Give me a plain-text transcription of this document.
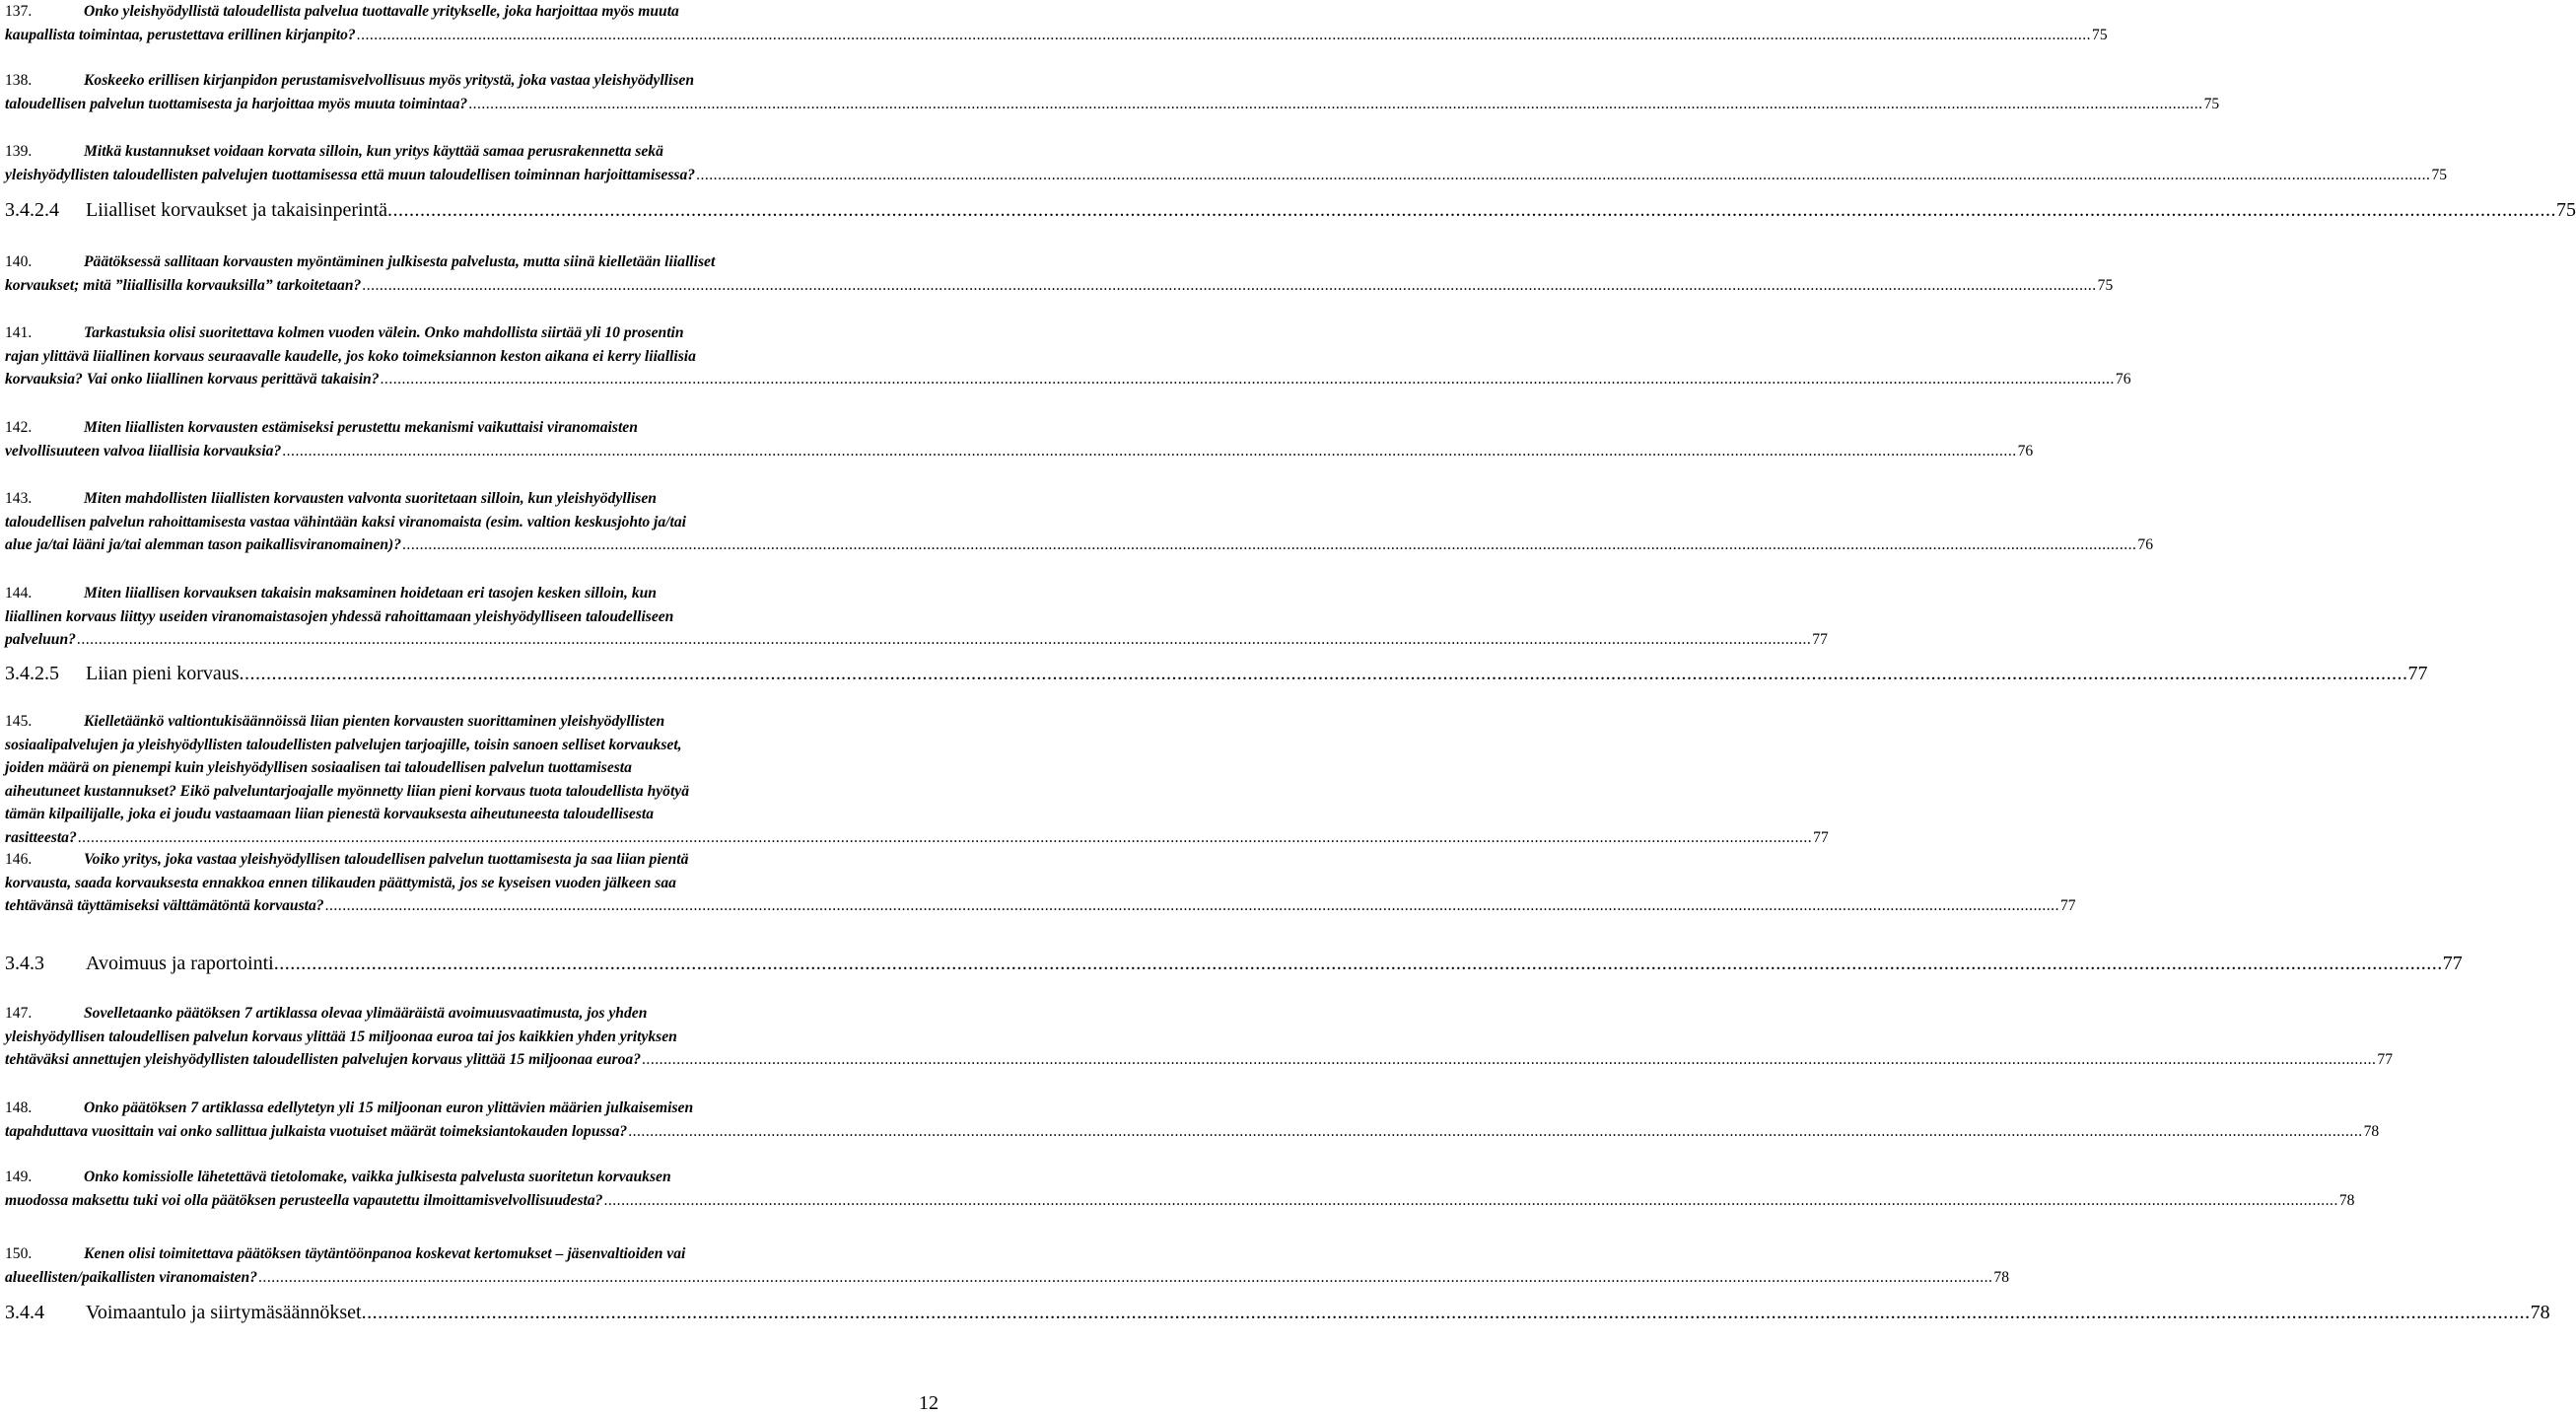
137.	Onko yleishyödyllistä taloudellista palvelua tuottavalle yritykselle, joka harjoittaa myös muuta
kaupallista toimintaa, perustettava erillinen kirjanpito? ................................................................................................................................................................................................................................................................................................................................................................................................................ 75
138.	Koskeeko erillisen kirjanpidon perustamisvelvollisuus myös yritystä, joka vastaa yleishyödyllisen
taloudellisen palvelun tuottamisesta ja harjoittaa myös muuta toimintaa? ................................................................................................................................................................................................................................................................................................................................................................................................................ 75
139.	Mitkä kustannukset voidaan korvata silloin, kun yritys käyttää samaa perusrakennetta sekä
yleishyödyllisten taloudellisten palvelujen tuottamisessa että muun taloudellisen toiminnan harjoittamisessa? ................................................................................................................................................................................................................................................................................................................................................................................................................ 75
3.4.2.4	Liialliset korvaukset ja takaisinperintä ................................................................................................................................................................................................................................................................................................................................................................................................................ 75
140.	Päätöksessä sallitaan korvausten myöntäminen julkisesta palvelusta, mutta siinä kielletään liialliset
korvaukset; mitä ”liiallisilla korvauksilla” tarkoitetaan? ................................................................................................................................................................................................................................................................................................................................................................................................................ 75
141.	Tarkastuksia olisi suoritettava kolmen vuoden välein. Onko mahdollista siirtää yli 10 prosentin
rajan ylittävä liiallinen korvaus seuraavalle kaudelle, jos koko toimeksiannon keston aikana ei kerry liiallisia
korvauksia? Vai onko liiallinen korvaus perittävä takaisin? ................................................................................................................................................................................................................................................................................................................................................................................................................ 76
142.	Miten liiallisten korvausten estämiseksi perustettu mekanismi vaikuttaisi viranomaisten
velvollisuuteen valvoa liiallisia korvauksia? ................................................................................................................................................................................................................................................................................................................................................................................................................ 76
143.	Miten mahdollisten liiallisten korvausten valvonta suoritetaan silloin, kun yleishyödyllisen
taloudellisen palvelun rahoittamisesta vastaa vähintään kaksi viranomaista (esim. valtion keskusjohto ja/tai
alue ja/tai lääni ja/tai alemman tason paikallisviranomainen)? ................................................................................................................................................................................................................................................................................................................................................................................................................ 76
144.	Miten liiallisen korvauksen takaisin maksaminen hoidetaan eri tasojen kesken silloin, kun
liiallinen korvaus liittyy useiden viranomaistasojen yhdessä rahoittamaan yleishyödylliseen taloudelliseen
palveluun? ................................................................................................................................................................................................................................................................................................................................................................................................................ 77
3.4.2.5	Liian pieni korvaus ................................................................................................................................................................................................................................................................................................................................................................................................................ 77
145.	Kielletäänkö valtiontukisäännöissä liian pienten korvausten suorittaminen yleishyödyllisten
sosiaalipalvelujen ja yleishyödyllisten taloudellisten palvelujen tarjoajille, toisin sanoen selliset korvaukset,
joiden määrä on pienempi kuin yleishyödyllisen sosiaalisen tai taloudellisen palvelun tuottamisesta
aiheutuneet kustannukset? Eikö palveluntarjoajalle myönnetty liian pieni korvaus tuota taloudellista hyötyä
tämän kilpailijalle, joka ei joudu vastaamaan liian pienestä korvauksesta aiheutuneesta taloudellisesta
rasitteesta? ................................................................................................................................................................................................................................................................................................................................................................................................................ 77
146.	Voiko yritys, joka vastaa yleishyödyllisen taloudellisen palvelun tuottamisesta ja saa liian pientä
korvausta, saada korvauksesta ennakkoa ennen tilikauden päättymistä, jos se kyseisen vuoden jälkeen saa
tehtävänsä täyttämiseksi välttämätöntä korvausta? ................................................................................................................................................................................................................................................................................................................................................................................................................ 77
3.4.3	Avoimuus ja raportointi ................................................................................................................................................................................................................................................................................................................................................................................................................ 77
147.	Sovelletaanko päätöksen 7 artiklassa olevaa ylimääräistä avoimuusvaatimusta, jos yhden
yleishyödyllisen taloudellisen palvelun korvaus ylittää 15 miljoonaa euroa tai jos kaikkien yhden yrityksen
tehtäväksi annettujen yleishyödyllisten taloudellisten palvelujen korvaus ylittää 15 miljoonaa euroa? ................................................................................................................................................................................................................................................................................................................................................................................................................ 77
148.	Onko päätöksen 7 artiklassa edellytetyn yli 15 miljoonan euron ylittävien määrien julkaisemisen
tapahduttava vuosittain vai onko sallittua julkaista vuotuiset määrät toimeksiantokauden lopussa? ................................................................................................................................................................................................................................................................................................................................................................................................................ 78
149.	Onko komissiolle lähetettävä tietolomake, vaikka julkisesta palvelusta suoritetun korvauksen
muodossa maksettu tuki voi olla päätöksen perusteella vapautettu ilmoittamisvelvollisuudesta? ................................................................................................................................................................................................................................................................................................................................................................................................................ 78
150.	Kenen olisi toimitettava päätöksen täytäntöönpanoa koskevat kertomukset – jäsenvaltioiden vai
alueellisten/paikallisten viranomaisten? ................................................................................................................................................................................................................................................................................................................................................................................................................ 78
3.4.4	Voimaantulo ja siirtymäsäännökset ................................................................................................................................................................................................................................................................................................................................................................................................................ 78
12
